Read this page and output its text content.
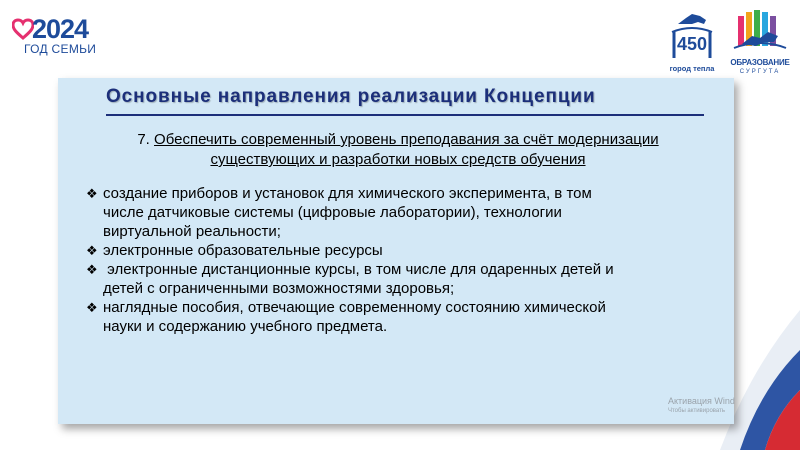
2024
ГОД СЕМЬИ	450
город тепла
ОБРАЗОВАНИЕ
СУРГУТА
Основные направления реализации Концепции
7. Обеспечить современный уровень преподавания за счёт модернизации
существующих и разработки новых средств обучения
❖ создание приборов и установок для химического эксперимента, в том
числе датчиковые системы (цифровые лаборатории), технологии
виртуальной реальности;
❖ электронные образовательные ресурсы
❖ электронные дистанционные курсы, в том числе для одаренных детей и
детей с ограниченными возможностями здоровья;
❖ наглядные пособия, отвечающие современному состоянию химической
науки и содержанию учебного предмета.
Активация Wind
Чтобы активировать
